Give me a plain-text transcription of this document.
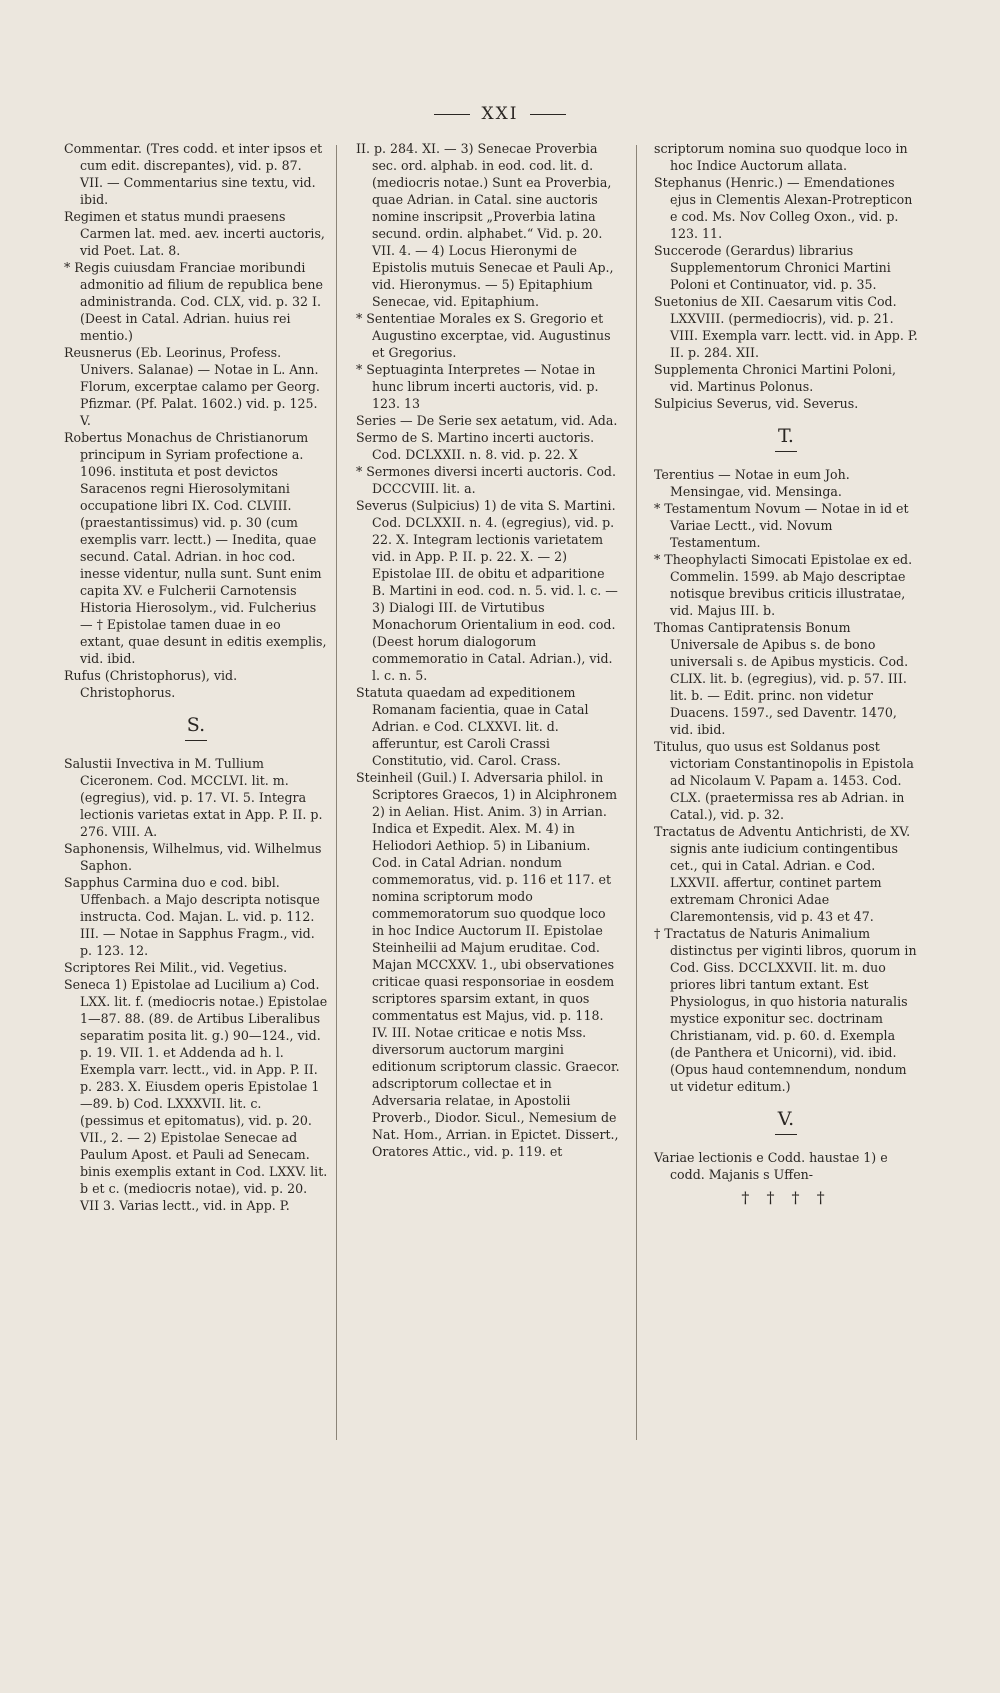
XXI
Commentar. (Tres codd. et inter ipsos et cum edit. discrepantes), vid. p. 87. VII. — Commentarius sine textu, vid. ibid.
Regimen et status mundi praesens Carmen lat. med. aev. incerti auctoris, vid Poet. Lat. 8.
* Regis cuiusdam Franciae moribundi admonitio ad filium de republica bene administranda. Cod. CLX, vid. p. 32 I. (Deest in Catal. Adrian. huius rei mentio.)
Reusnerus (Eb. Leorinus, Profess. Univers. Salanae) — Notae in L. Ann. Florum, excerptae calamo per Georg. Pfizmar. (Pf. Palat. 1602.) vid. p. 125. V.
Robertus Monachus de Christianorum principum in Syriam profectione a. 1096. instituta et post devictos Saracenos regni Hierosolymitani occupatione libri IX. Cod. CLVIII. (praestantissimus) vid. p. 30 (cum exemplis varr. lectt.) — Inedita, quae secund. Catal. Adrian. in hoc cod. inesse videntur, nulla sunt. Sunt enim capita XV. e Fulcherii Carnotensis Historia Hierosolym., vid. Fulcherius — † Epistolae tamen duae in eo extant, quae desunt in editis exemplis, vid. ibid.
Rufus (Christophorus), vid. Christophorus.
S.
Salustii Invectiva in M. Tullium Ciceronem. Cod. MCCLVI. lit. m. (egregius), vid. p. 17. VI. 5. Integra lectionis varietas extat in App. P. II. p. 276. VIII. A.
Saphonensis, Wilhelmus, vid. Wilhelmus Saphon.
Sapphus Carmina duo e cod. bibl. Uffenbach. a Majo descripta notisque instructa. Cod. Majan. L. vid. p. 112. III. — Notae in Sapphus Fragm., vid. p. 123. 12.
Scriptores Rei Milit., vid. Vegetius.
Seneca 1) Epistolae ad Lucilium a) Cod. LXX. lit. f. (mediocris notae.) Epistolae 1—87. 88. (89. de Artibus Liberalibus separatim posita lit. g.) 90—124., vid. p. 19. VII. 1. et Addenda ad h. l. Exempla varr. lectt., vid. in App. P. II. p. 283. X. Eiusdem operis Epistolae 1—89. b) Cod. LXXXVII. lit. c. (pessimus et epitomatus), vid. p. 20. VII., 2. — 2) Epistolae Senecae ad Paulum Apost. et Pauli ad Senecam. binis exemplis extant in Cod. LXXV. lit. b et c. (mediocris notae), vid. p. 20. VII 3. Varias lectt., vid. in App. P.
II. p. 284. XI. — 3) Senecae Proverbia sec. ord. alphab. in eod. cod. lit. d. (mediocris notae.) Sunt ea Proverbia, quae Adrian. in Catal. sine auctoris nomine inscripsit „Proverbia latina secund. ordin. alphabet.“ Vid. p. 20. VII. 4. — 4) Locus Hieronymi de Epistolis mutuis Senecae et Pauli Ap., vid. Hieronymus. — 5) Epitaphium Senecae, vid. Epitaphium.
* Sententiae Morales ex S. Gregorio et Augustino excerptae, vid. Augustinus et Gregorius.
* Septuaginta Interpretes — Notae in hunc librum incerti auctoris, vid. p. 123. 13
Series — De Serie sex aetatum, vid. Ada.
Sermo de S. Martino incerti auctoris. Cod. DCLXXII. n. 8. vid. p. 22. X
* Sermones diversi incerti auctoris. Cod. DCCCVIII. lit. a.
Severus (Sulpicius) 1) de vita S. Martini. Cod. DCLXXII. n. 4. (egregius), vid. p. 22. X. Integram lectionis varietatem vid. in App. P. II. p. 22. X. — 2) Epistolae III. de obitu et adparitione B. Martini in eod. cod. n. 5. vid. l. c. — 3) Dialogi III. de Virtutibus Monachorum Orientalium in eod. cod. (Deest horum dialogorum commemoratio in Catal. Adrian.), vid. l. c. n. 5.
Statuta quaedam ad expeditionem Romanam facientia, quae in Catal Adrian. e Cod. CLXXVI. lit. d. afferuntur, est Caroli Crassi Constitutio, vid. Carol. Crass.
Steinheil (Guil.) I. Adversaria philol. in Scriptores Graecos, 1) in Alciphronem 2) in Aelian. Hist. Anim. 3) in Arrian. Indica et Expedit. Alex. M. 4) in Heliodori Aethiop. 5) in Libanium. Cod. in Catal Adrian. nondum commemoratus, vid. p. 116 et 117. et nomina scriptorum modo commemoratorum suo quodque loco in hoc Indice Auctorum II. Epistolae Steinheilii ad Majum eruditae. Cod. Majan MCCXXV. 1., ubi observationes criticae quasi responsoriae in eosdem scriptores sparsim extant, in quos commentatus est Majus, vid. p. 118. IV. III. Notae criticae e notis Mss. diversorum auctorum margini editionum scriptorum classic. Graecor. adscriptorum collectae et in Adversaria relatae, in Apostolii Proverb., Diodor. Sicul., Nemesium de Nat. Hom., Arrian. in Epictet. Dissert., Oratores Attic., vid. p. 119. et
scriptorum nomina suo quodque loco in hoc Indice Auctorum allata.
Stephanus (Henric.) — Emendationes ejus in Clementis Alexan-Protrepticon e cod. Ms. Nov Colleg Oxon., vid. p. 123. 11.
Succerode (Gerardus) librarius Supplementorum Chronici Martini Poloni et Continuator, vid. p. 35.
Suetonius de XII. Caesarum vitis Cod. LXXVIII. (permediocris), vid. p. 21. VIII. Exempla varr. lectt. vid. in App. P. II. p. 284. XII.
Supplementa Chronici Martini Poloni, vid. Martinus Polonus.
Sulpicius Severus, vid. Severus.
T.
Terentius — Notae in eum Joh. Mensingae, vid. Mensinga.
* Testamentum Novum — Notae in id et Variae Lectt., vid. Novum Testamentum.
* Theophylacti Simocati Epistolae ex ed. Commelin. 1599. ab Majo descriptae notisque brevibus criticis illustratae, vid. Majus III. b.
Thomas Cantipratensis Bonum Universale de Apibus s. de bono universali s. de Apibus mysticis. Cod. CLIX. lit. b. (egregius), vid. p. 57. III. lit. b. — Edit. princ. non videtur Duacens. 1597., sed Daventr. 1470, vid. ibid.
Titulus, quo usus est Soldanus post victoriam Constantinopolis in Epistola ad Nicolaum V. Papam a. 1453. Cod. CLX. (praetermissa res ab Adrian. in Catal.), vid. p. 32.
Tractatus de Adventu Antichristi, de XV. signis ante iudicium contingentibus cet., qui in Catal. Adrian. e Cod. LXXVII. affertur, continet partem extremam Chronici Adae Claremontensis, vid p. 43 et 47.
† Tractatus de Naturis Animalium distinctus per viginti libros, quorum in Cod. Giss. DCCLXXVII. lit. m. duo priores libri tantum extant. Est Physiologus, in quo historia naturalis mystice exponitur sec. doctrinam Christianam, vid. p. 60. d. Exempla (de Panthera et Unicorni), vid. ibid. (Opus haud contemnendum, nondum ut videtur editum.)
V.
Variae lectionis e Codd. haustae 1) e codd. Majanis s Uffen-
† † † †
